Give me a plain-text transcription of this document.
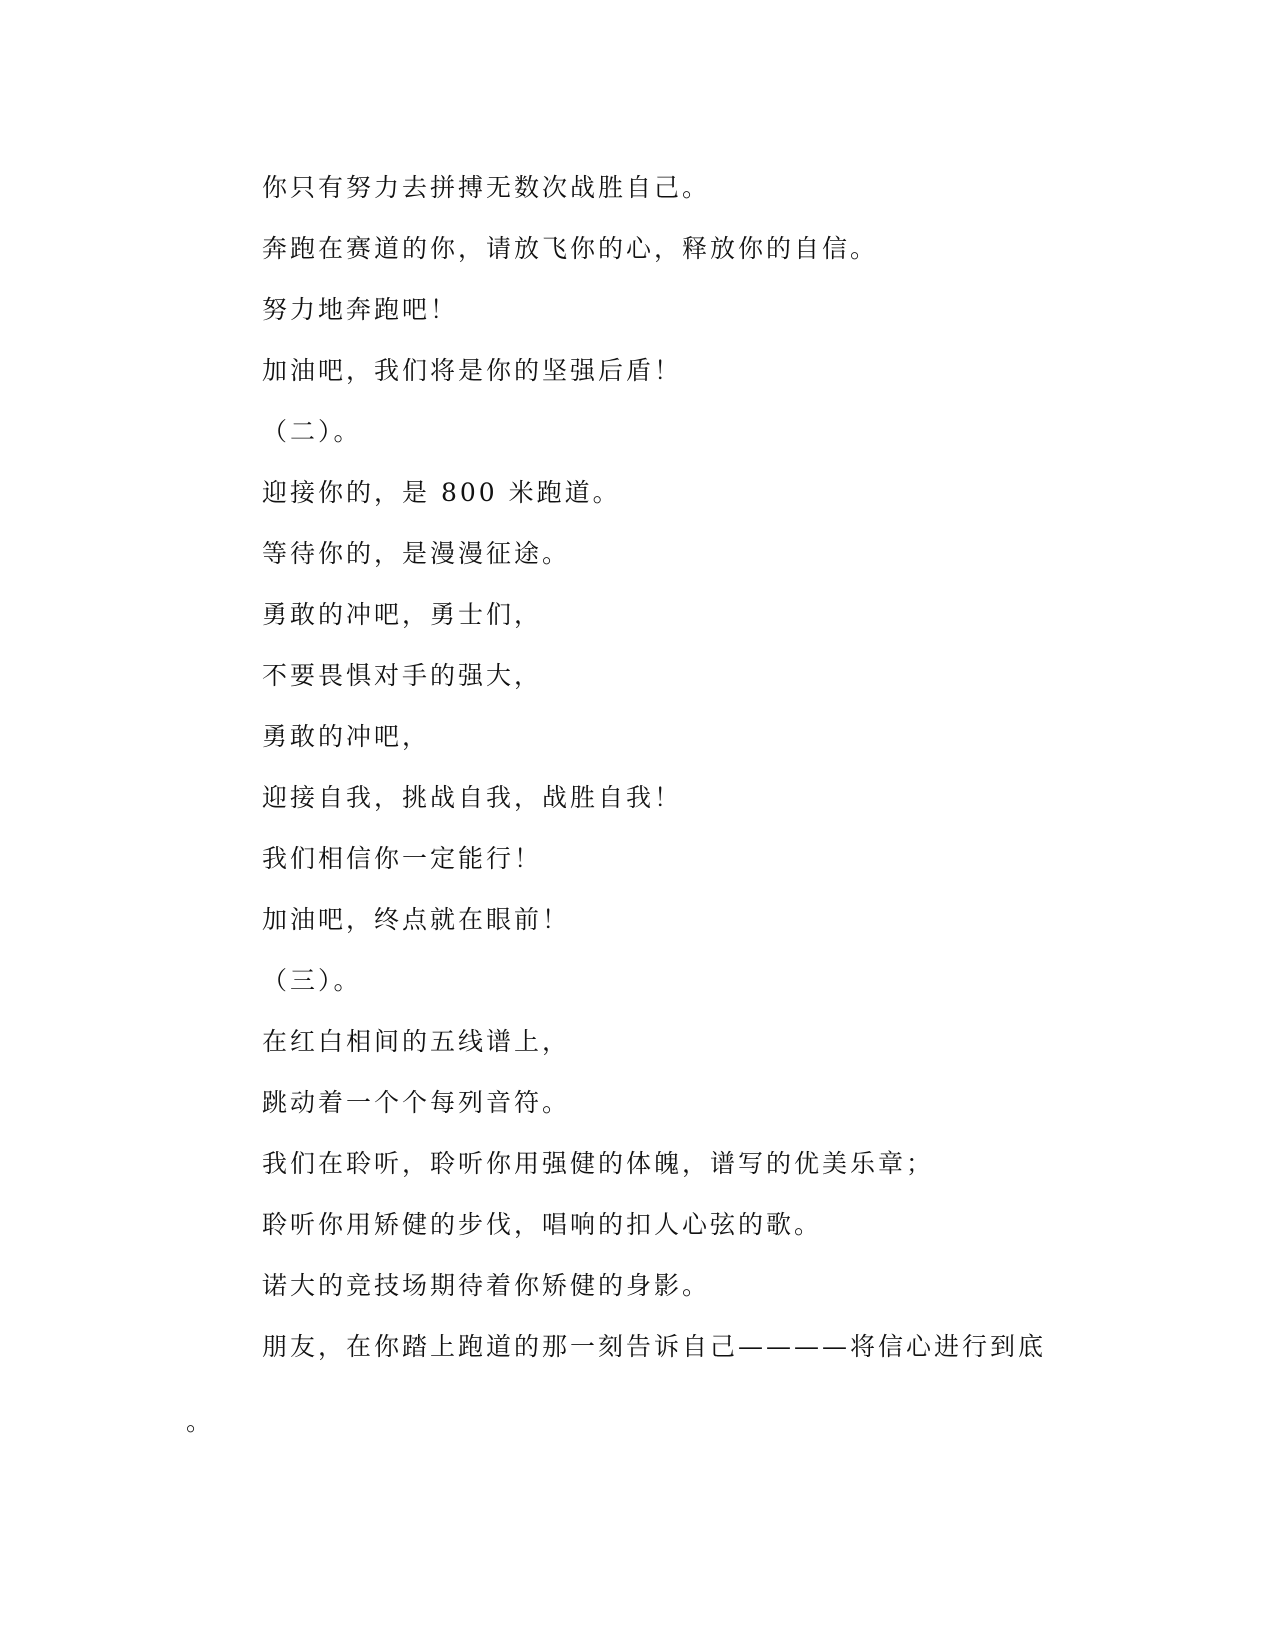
你只有努力去拼搏无数次战胜自己。
奔跑在赛道的你，请放飞你的心，释放你的自信。
努力地奔跑吧！
加油吧，我们将是你的坚强后盾！
（二）。
迎接你的，是 800 米跑道。
等待你的，是漫漫征途。
勇敢的冲吧，勇士们，
不要畏惧对手的强大，
勇敢的冲吧，
迎接自我，挑战自我，战胜自我！
我们相信你一定能行！
加油吧，终点就在眼前！
（三）。
在红白相间的五线谱上，
跳动着一个个每列音符。
我们在聆听，聆听你用强健的体魄，谱写的优美乐章；
聆听你用矫健的步伐，唱响的扣人心弦的歌。
诺大的竞技场期待着你矫健的身影。
朋友，在你踏上跑道的那一刻告诉自己————将信心进行到底
。
